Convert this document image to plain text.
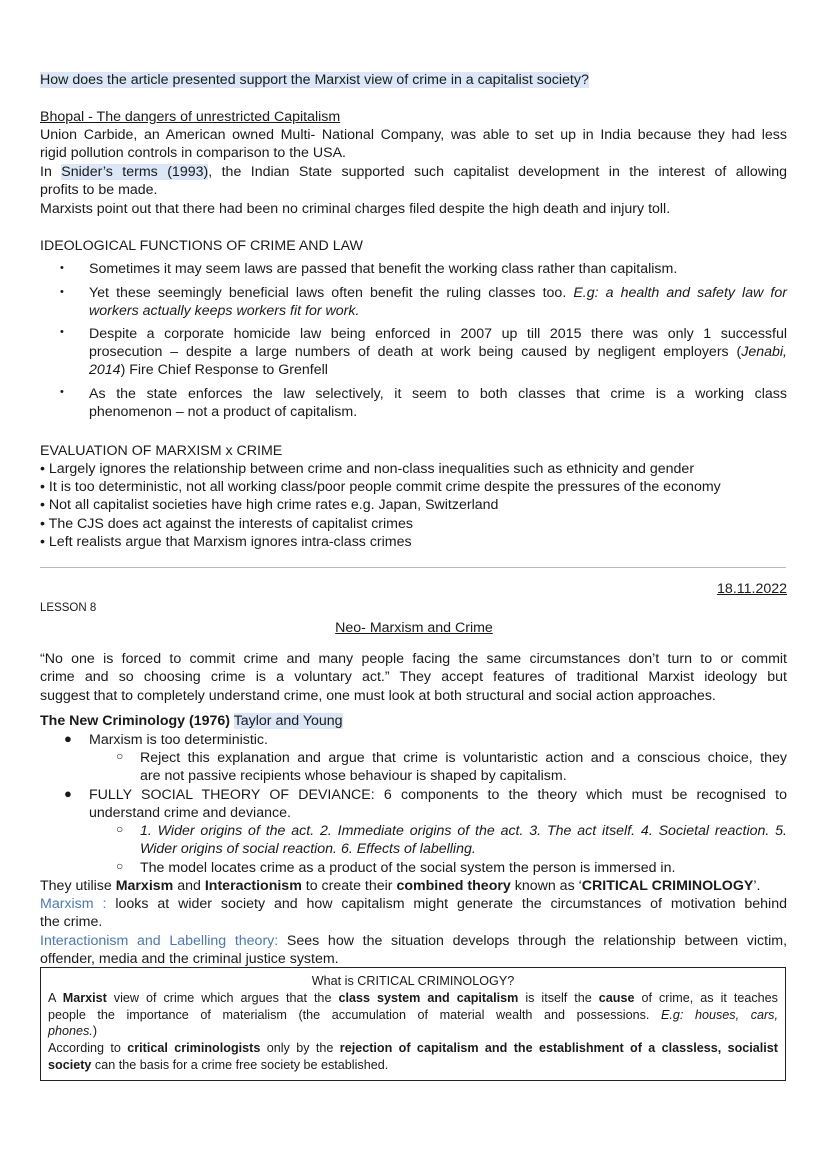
How does the article presented support the Marxist view of crime in a capitalist society?
Bhopal - The dangers of unrestricted Capitalism
Union Carbide, an American owned Multi- National Company, was able to set up in India because they had less
rigid pollution controls in comparison to the USA.
In Snider’s terms (1993), the Indian State supported such capitalist development in the interest of allowing
profits to be made.
Marxists point out that there had been no criminal charges filed despite the high death and injury toll.
IDEOLOGICAL FUNCTIONS OF CRIME AND LAW
• Sometimes it may seem laws are passed that benefit the working class rather than capitalism.
• Yet these seemingly beneficial laws often benefit the ruling classes too. E.g: a health and safety law for
workers actually keeps workers fit for work.
• Despite a corporate homicide law being enforced in 2007 up till 2015 there was only 1 successful
prosecution – despite a large numbers of death at work being caused by negligent employers (Jenabi,
2014) Fire Chief Response to Grenfell
• As the state enforces the law selectively, it seem to both classes that crime is a working class
phenomenon – not a product of capitalism.
EVALUATION OF MARXISM x CRIME
• Largely ignores the relationship between crime and non-class inequalities such as ethnicity and gender
• It is too deterministic, not all working class/poor people commit crime despite the pressures of the economy
• Not all capitalist societies have high crime rates e.g. Japan, Switzerland
• The CJS does act against the interests of capitalist crimes
• Left realists argue that Marxism ignores intra-class crimes
18.11.2022
LESSON 8
Neo- Marxism and Crime
“No one is forced to commit crime and many people facing the same circumstances don’t turn to or commit
crime and so choosing crime is a voluntary act.” They accept features of traditional Marxist ideology but
suggest that to completely understand crime, one must look at both structural and social action approaches.
The New Criminology (1976) Taylor and Young
● Marxism is too deterministic.
○ Reject this explanation and argue that crime is voluntaristic action and a conscious choice, they
are not passive recipients whose behaviour is shaped by capitalism.
● FULLY SOCIAL THEORY OF DEVIANCE: 6 components to the theory which must be recognised to
understand crime and deviance.
○ 1. Wider origins of the act. 2. Immediate origins of the act. 3. The act itself. 4. Societal reaction. 5.
Wider origins of social reaction. 6. Effects of labelling.
○ The model locates crime as a product of the social system the person is immersed in.
They utilise Marxism and Interactionism to create their combined theory known as ‘CRITICAL CRIMINOLOGY’.
Marxism : looks at wider society and how capitalism might generate the circumstances of motivation behind
the crime.
Interactionism and Labelling theory: Sees how the situation develops through the relationship between victim,
offender, media and the criminal justice system.
What is CRITICAL CRIMINOLOGY?
A Marxist view of crime which argues that the class system and capitalism is itself the cause of crime, as it teaches
people the importance of materialism (the accumulation of material wealth and possessions. E.g: houses, cars,
phones.)
According to critical criminologists only by the rejection of capitalism and the establishment of a classless, socialist
society can the basis for a crime free society be established.
